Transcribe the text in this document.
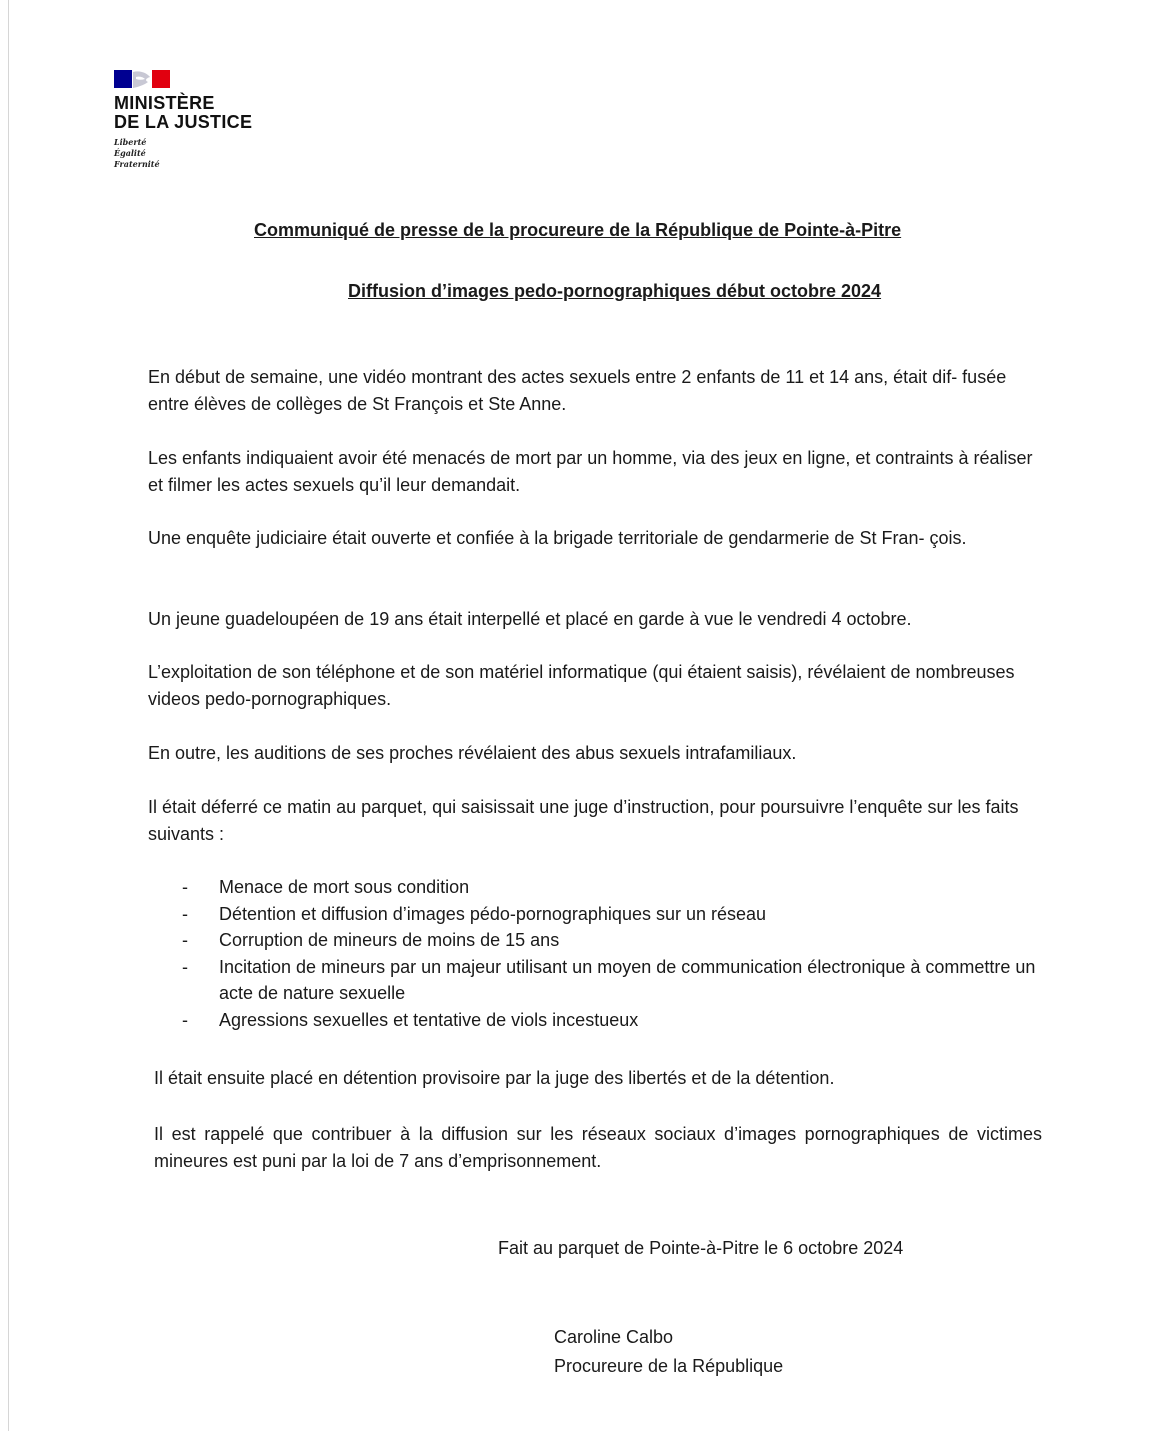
MINISTÈRE
DE LA JUSTICE
Liberté
Égalité
Fraternité
Communiqué de presse de la procureure de la République de Pointe-à-Pitre
Diffusion d’images pedo-pornographiques début octobre 2024

En début de semaine, une vidéo montrant des actes sexuels entre 2 enfants de 11 et 14 ans, était dif- fusée entre élèves de collèges de St François et Ste Anne.

Les enfants indiquaient avoir été menacés de mort par un homme, via des jeux en ligne, et contraints à réaliser et filmer les actes sexuels qu’il leur demandait.

Une enquête judiciaire était ouverte et confiée à la brigade territoriale de gendarmerie de St Fran- çois.

Un jeune guadeloupéen de 19 ans était interpellé et placé en garde à vue le vendredi 4 octobre.

L’exploitation de son téléphone et de son matériel informatique (qui étaient saisis), révélaient de nombreuses videos pedo-pornographiques.

En outre, les auditions de ses proches révélaient des abus sexuels intrafamiliaux.

Il était déferré ce matin au parquet, qui saisissait une juge d’instruction, pour poursuivre l’enquête sur les faits suivants :

- Menace de mort sous condition
- Détention et diffusion d’images pédo-pornographiques sur un réseau
- Corruption de mineurs de moins de 15 ans
- Incitation de mineurs par un majeur utilisant un moyen de communication électronique à commettre un acte de nature sexuelle
- Agressions sexuelles et tentative de viols incestueux

Il était ensuite placé en détention provisoire par la juge des libertés et de la détention.

Il est rappelé que contribuer à la diffusion sur les réseaux sociaux d’images pornographiques de victimes mineures est puni par la loi de 7 ans d’emprisonnement.

Fait au parquet de Pointe-à-Pitre le 6 octobre 2024

Caroline Calbo

Procureure de la République
